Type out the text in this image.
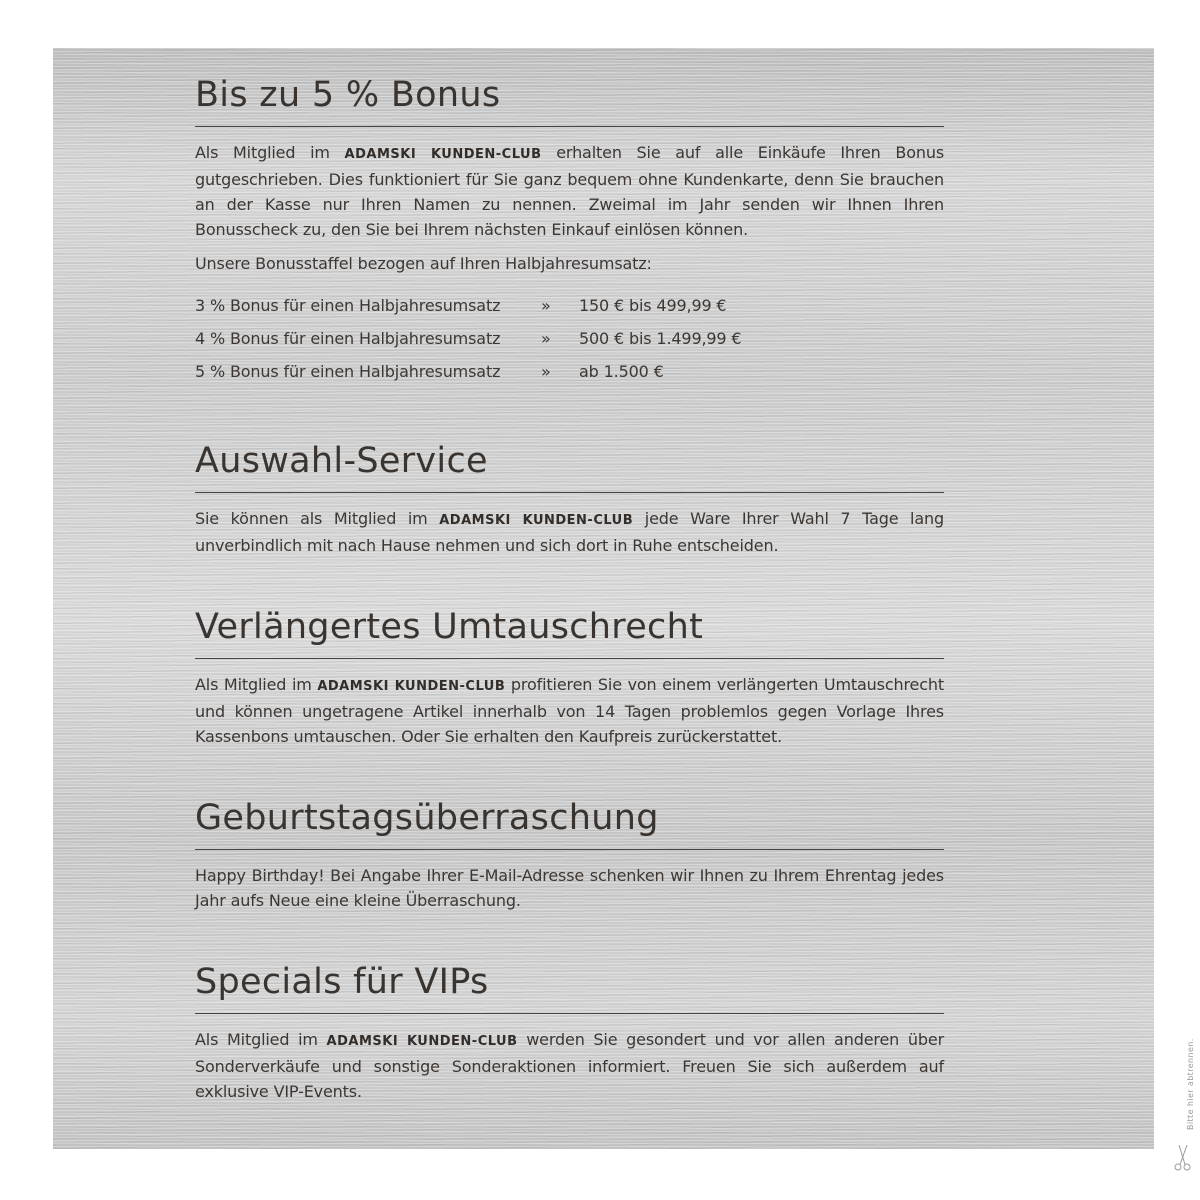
Bis zu 5 % Bonus

Als Mitglied im ADAMSKI KUNDEN-CLUB erhalten Sie auf alle Einkäufe Ihren Bonus gutgeschrieben. Dies funktioniert für Sie ganz bequem ohne Kundenkarte, denn Sie brauchen an der Kasse nur Ihren Namen zu nennen. Zweimal im Jahr senden wir Ihnen Ihren Bonusscheck zu, den Sie bei Ihrem nächsten Einkauf einlösen können.

Unsere Bonusstaffel bezogen auf Ihren Halbjahresumsatz:

3 % Bonus für einen Halbjahresumsatz	»	150 € bis 499,99 €
4 % Bonus für einen Halbjahresumsatz	»	500 € bis 1.499,99 €
5 % Bonus für einen Halbjahresumsatz	»	ab 1.500 €
Auswahl-Service

Sie können als Mitglied im ADAMSKI KUNDEN-CLUB jede Ware Ihrer Wahl 7 Tage lang unverbindlich mit nach Hause nehmen und sich dort in Ruhe entscheiden.

Verlängertes Umtauschrecht

Als Mitglied im ADAMSKI KUNDEN-CLUB profitieren Sie von einem verlängerten Umtauschrecht und können ungetragene Artikel innerhalb von 14 Tagen problemlos gegen Vorlage Ihres Kassenbons umtauschen. Oder Sie erhalten den Kaufpreis zurückerstattet.

Geburtstagsüberraschung

Happy Birthday! Bei Angabe Ihrer E-Mail-Adresse schenken wir Ihnen zu Ihrem Ehrentag jedes Jahr aufs Neue eine kleine Überraschung.

Specials für VIPs

Als Mitglied im ADAMSKI KUNDEN-CLUB werden Sie gesondert und vor allen anderen über Sonderverkäufe und sonstige Sonderaktionen informiert. Freuen Sie sich außerdem auf exklusive VIP-Events.	Bitte hier abtrennen.
